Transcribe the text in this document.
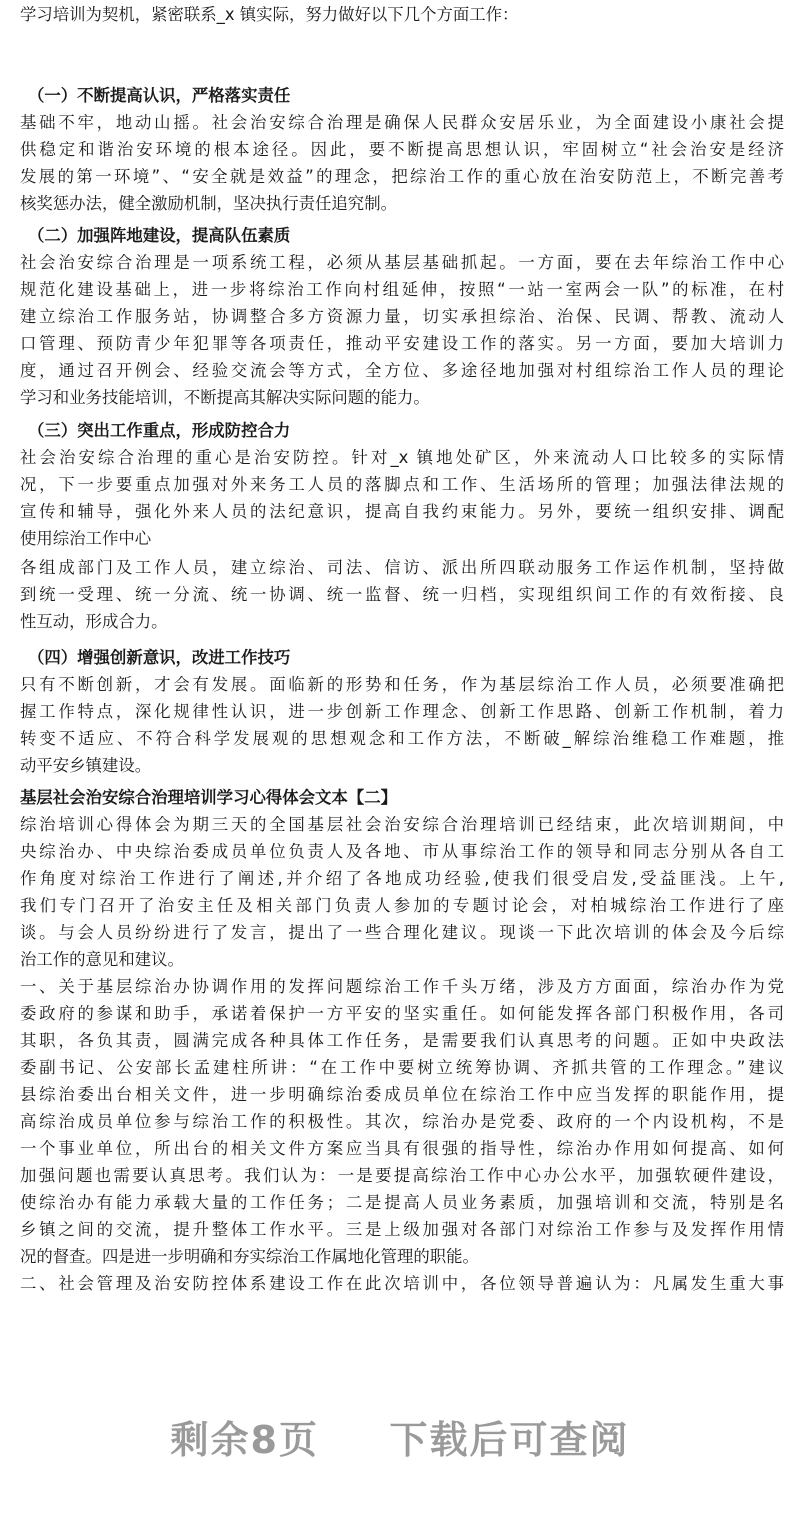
学习培训为契机，紧密联系_x 镇实际，努力做好以下几个方面工作：
（一）不断提高认识，严格落实责任
基础不牢，地动山摇。社会治安综合治理是确保人民群众安居乐业，为全面建设小康社会提
供稳定和谐治安环境的根本途径。因此，要不断提高思想认识，牢固树立“社会治安是经济
发展的第一环境”、“安全就是效益”的理念，把综治工作的重心放在治安防范上，不断完善考
核奖惩办法，健全激励机制，坚决执行责任追究制。
（二）加强阵地建设，提高队伍素质
社会治安综合治理是一项系统工程，必须从基层基础抓起。一方面，要在去年综治工作中心
规范化建设基础上，进一步将综治工作向村组延伸，按照“一站一室两会一队”的标准，在村
建立综治工作服务站，协调整合多方资源力量，切实承担综治、治保、民调、帮教、流动人
口管理、预防青少年犯罪等各项责任，推动平安建设工作的落实。另一方面，要加大培训力
度，通过召开例会、经验交流会等方式，全方位、多途径地加强对村组综治工作人员的理论
学习和业务技能培训，不断提高其解决实际问题的能力。
（三）突出工作重点，形成防控合力
社会治安综合治理的重心是治安防控。针对_x 镇地处矿区，外来流动人口比较多的实际情
况，下一步要重点加强对外来务工人员的落脚点和工作、生活场所的管理；加强法律法规的
宣传和辅导，强化外来人员的法纪意识，提高自我约束能力。另外，要统一组织安排、调配
使用综治工作中心
各组成部门及工作人员，建立综治、司法、信访、派出所四联动服务工作运作机制，坚持做
到统一受理、统一分流、统一协调、统一监督、统一归档，实现组织间工作的有效衔接、良
性互动，形成合力。
（四）增强创新意识，改进工作技巧
只有不断创新，才会有发展。面临新的形势和任务，作为基层综治工作人员，必须要准确把
握工作特点，深化规律性认识，进一步创新工作理念、创新工作思路、创新工作机制，着力
转变不适应、不符合科学发展观的思想观念和工作方法，不断破_解综治维稳工作难题，推
动平安乡镇建设。
基层社会治安综合治理培训学习心得体会文本【二】
综治培训心得体会为期三天的全国基层社会治安综合治理培训已经结束，此次培训期间，中
央综治办、中央综治委成员单位负责人及各地、市从事综治工作的领导和同志分别从各自工
作角度对综治工作进行了阐述,并介绍了各地成功经验,使我们很受启发,受益匪浅。上午,
我们专门召开了治安主任及相关部门负责人参加的专题讨论会，对柏城综治工作进行了座
谈。与会人员纷纷进行了发言，提出了一些合理化建议。现谈一下此次培训的体会及今后综
治工作的意见和建议。
一、关于基层综治办协调作用的发挥问题综治工作千头万绪，涉及方方面面，综治办作为党
委政府的参谋和助手，承诺着保护一方平安的坚实重任。如何能发挥各部门积极作用，各司
其职，各负其责，圆满完成各种具体工作任务，是需要我们认真思考的问题。正如中央政法
委副书记、公安部长孟建柱所讲：“在工作中要树立统筹协调、齐抓共管的工作理念。”建议
县综治委出台相关文件，进一步明确综治委成员单位在综治工作中应当发挥的职能作用，提
高综治成员单位参与综治工作的积极性。其次，综治办是党委、政府的一个内设机构，不是
一个事业单位，所出台的相关文件方案应当具有很强的指导性，综治办作用如何提高、如何
加强问题也需要认真思考。我们认为：一是要提高综治工作中心办公水平，加强软硬件建设，
使综治办有能力承载大量的工作任务；二是提高人员业务素质，加强培训和交流，特别是名
乡镇之间的交流，提升整体工作水平。三是上级加强对各部门对综治工作参与及发挥作用情
况的督查。四是进一步明确和夯实综治工作属地化管理的职能。
二、社会管理及治安防控体系建设工作在此次培训中，各位领导普遍认为：凡属发生重大事
剩余8页 下载后可查阅
